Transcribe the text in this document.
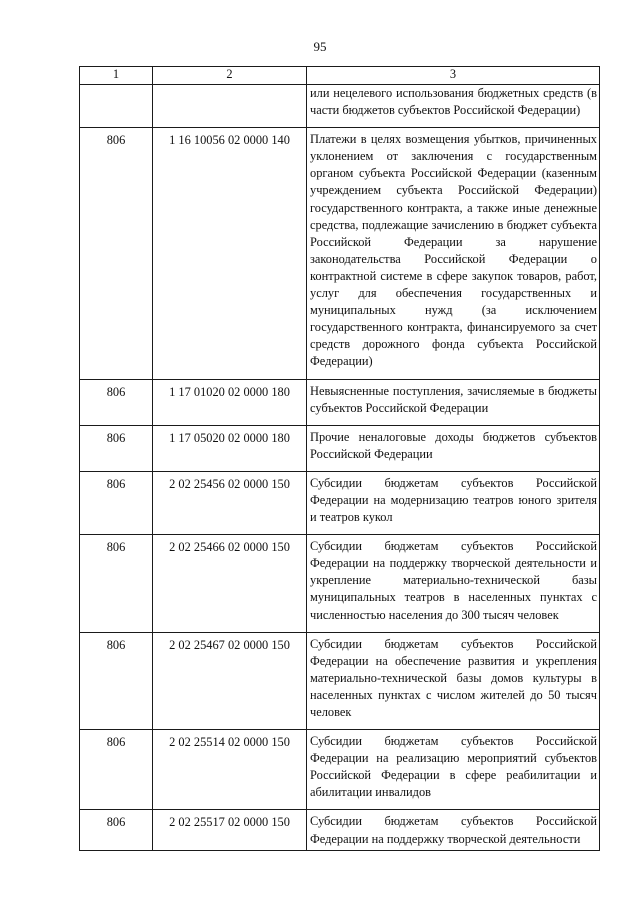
95
1	2	3
		или нецелевого использования бюджетных средств (в части бюджетов субъектов Российской Федерации)
806	1 16 10056 02 0000 140	Платежи в целях возмещения убытков, причиненных уклонением от заключения с государственным органом субъекта Российской Федерации (казенным учреждением субъекта Российской Федерации) государственного контракта, а также иные денежные средства, подлежащие зачислению в бюджет субъекта Российской Федерации за нарушение законодательства Российской Федерации о контрактной системе в сфере закупок товаров, работ, услуг для обеспечения государственных и муниципальных нужд (за исключением государственного контракта, финансируемого за счет средств дорожного фонда субъекта Российской Федерации)
806	1 17 01020 02 0000 180	Невыясненные поступления, зачисляемые в бюджеты субъектов Российской Федерации
806	1 17 05020 02 0000 180	Прочие неналоговые доходы бюджетов субъектов Российской Федерации
806	2 02 25456 02 0000 150	Субсидии бюджетам субъектов Российской Федерации на модернизацию театров юного зрителя и театров кукол
806	2 02 25466 02 0000 150	Субсидии бюджетам субъектов Российской Федерации на поддержку творческой деятельности и укрепление материально-технической базы муниципальных театров в населенных пунктах с численностью населения до 300 тысяч человек
806	2 02 25467 02 0000 150	Субсидии бюджетам субъектов Российской Федерации на обеспечение развития и укрепления материально-технической базы домов культуры в населенных пунктах с числом жителей до 50 тысяч человек
806	2 02 25514 02 0000 150	Субсидии бюджетам субъектов Российской Федерации на реализацию мероприятий субъектов Российской Федерации в сфере реабилитации и абилитации инвалидов
806	2 02 25517 02 0000 150	Субсидии бюджетам субъектов Российской Федерации на поддержку творческой деятельности
